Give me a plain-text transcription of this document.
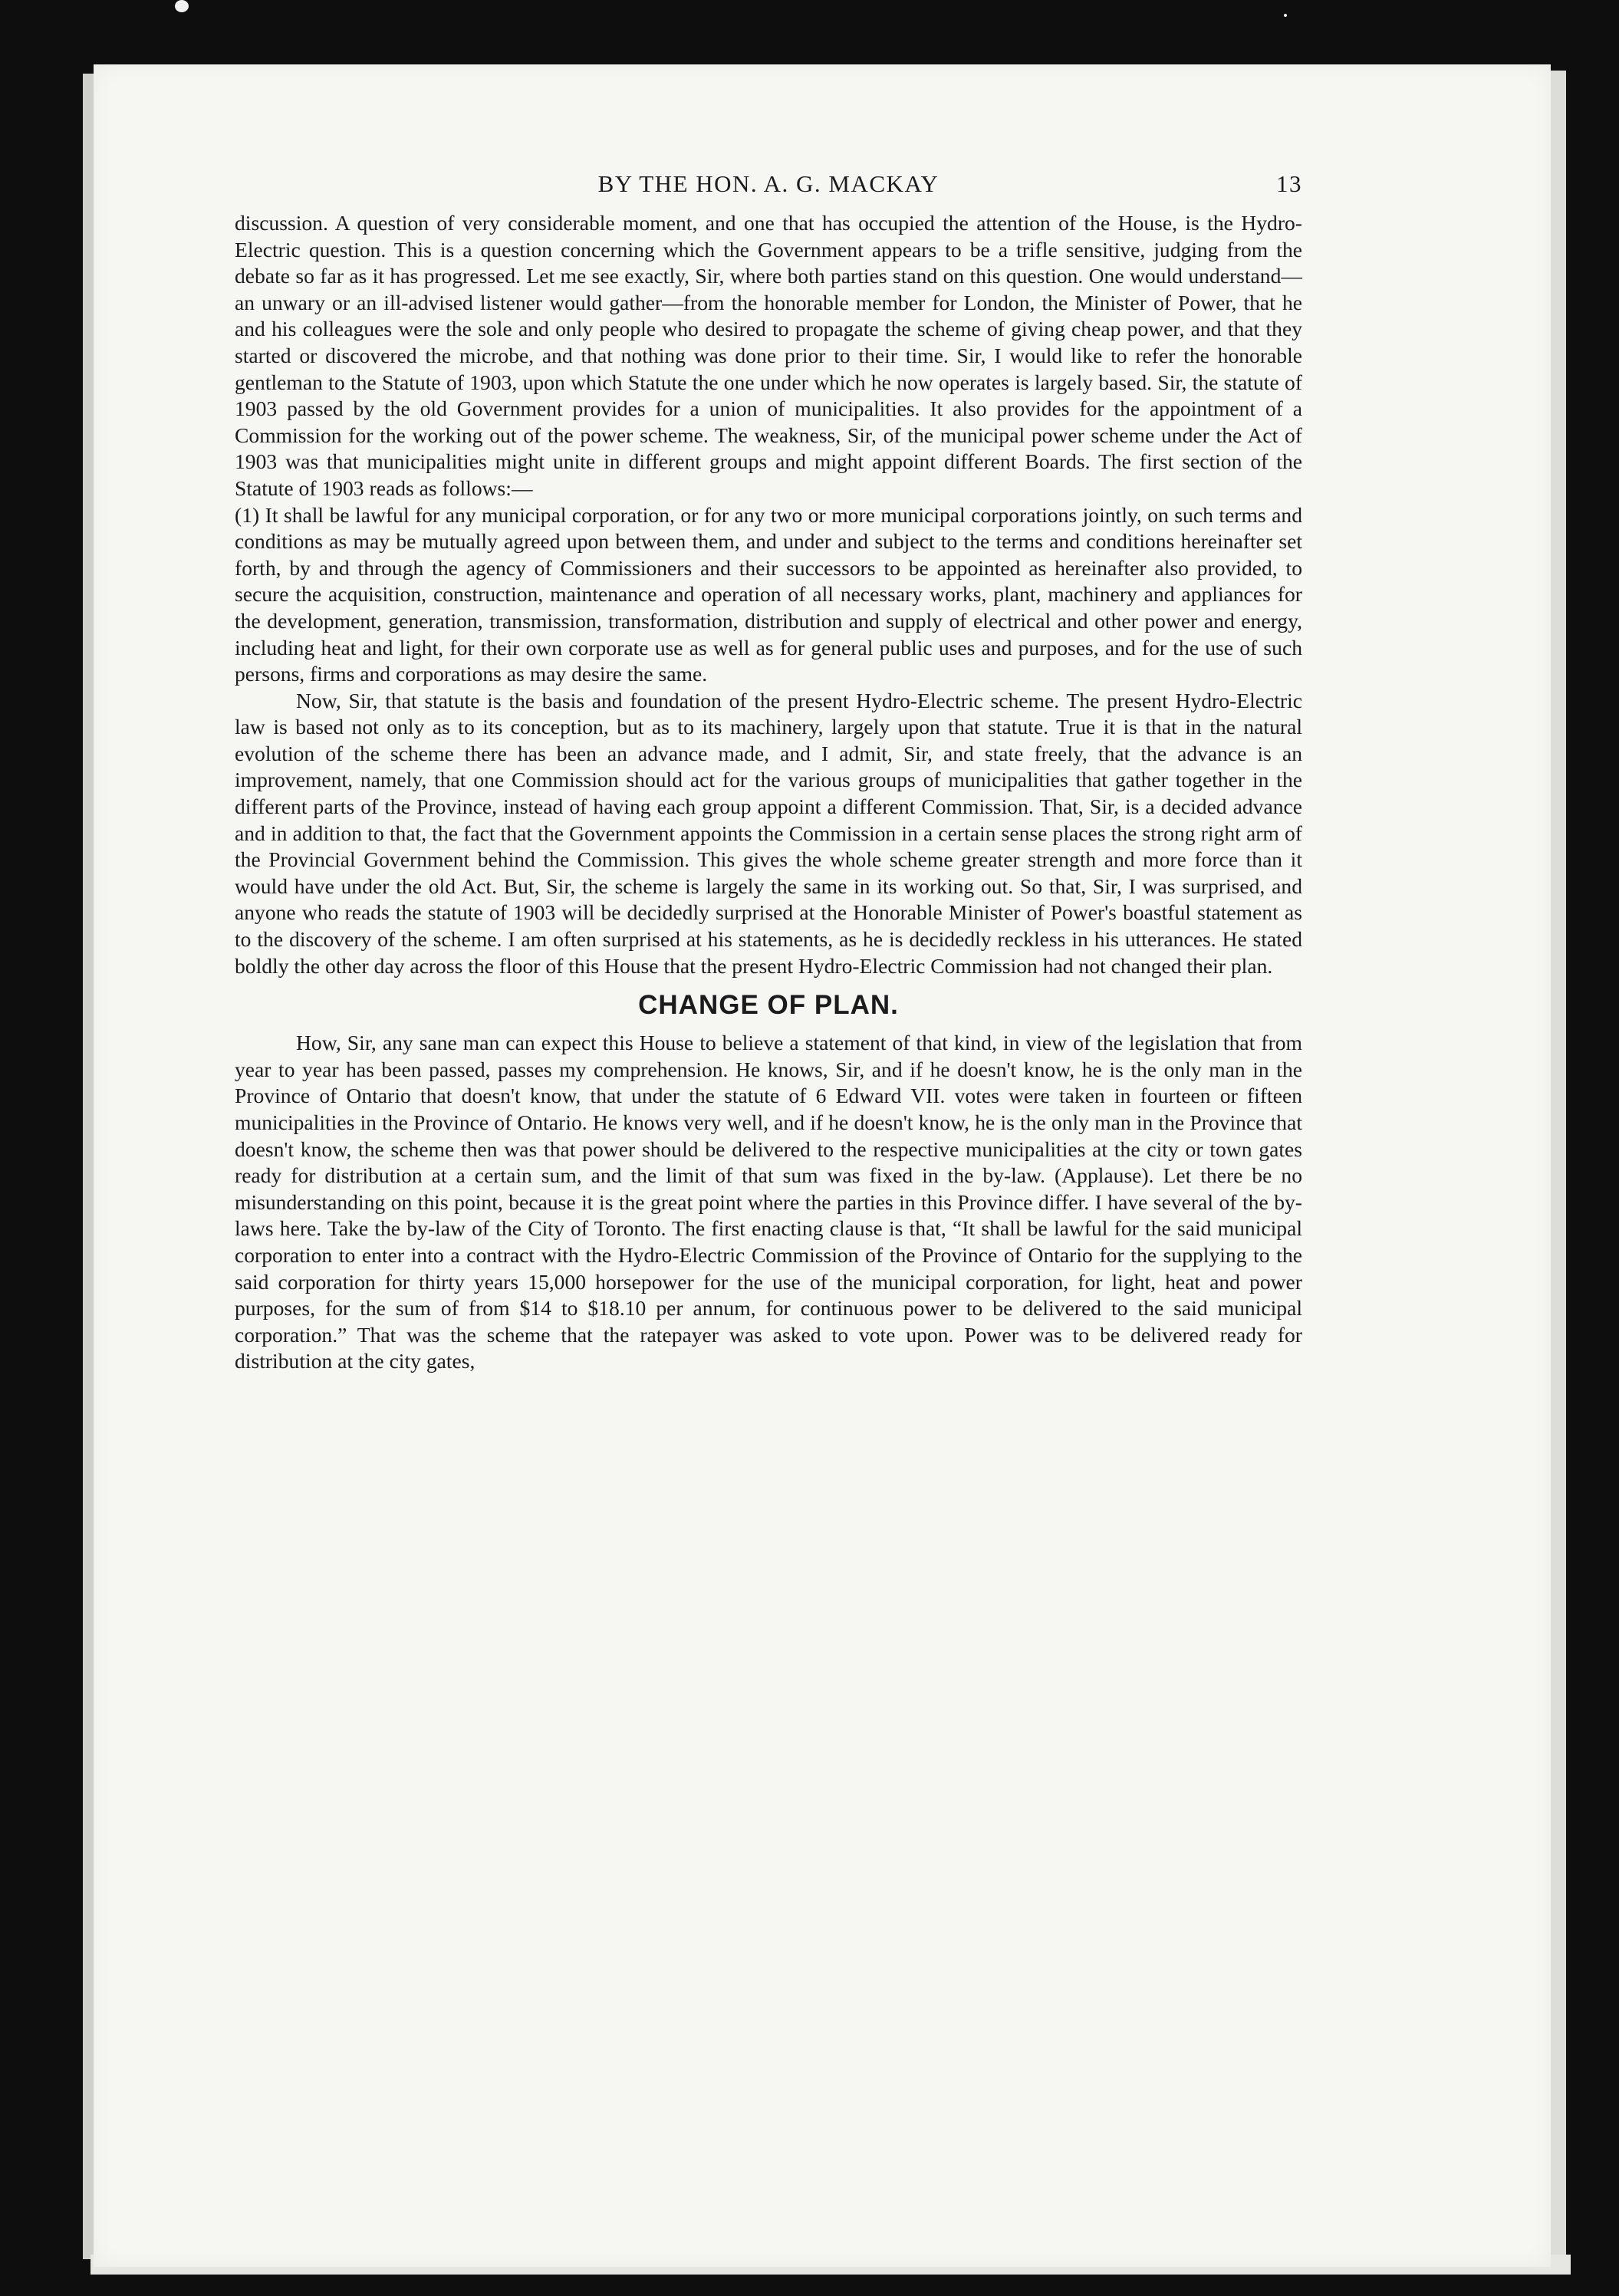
BY THE HON. A. G. MACKAY	13

discussion. A question of very considerable moment, and one that has occupied the attention of the House, is the Hydro-Electric question. This is a question concerning which the Government appears to be a trifle sensitive, judging from the debate so far as it has progressed. Let me see exactly, Sir, where both parties stand on this question. One would understand—an unwary or an ill-advised listener would gather—from the honorable member for London, the Minister of Power, that he and his colleagues were the sole and only people who desired to propagate the scheme of giving cheap power, and that they started or discovered the microbe, and that nothing was done prior to their time. Sir, I would like to refer the honorable gentleman to the Statute of 1903, upon which Statute the one under which he now operates is largely based. Sir, the statute of 1903 passed by the old Government provides for a union of municipalities. It also provides for the appointment of a Commission for the working out of the power scheme. The weakness, Sir, of the municipal power scheme under the Act of 1903 was that municipalities might unite in different groups and might appoint different Boards. The first section of the Statute of 1903 reads as follows:—

(1) It shall be lawful for any municipal corporation, or for any two or more municipal corporations jointly, on such terms and conditions as may be mutually agreed upon between them, and under and subject to the terms and conditions hereinafter set forth, by and through the agency of Commissioners and their successors to be appointed as hereinafter also provided, to secure the acquisition, construction, maintenance and operation of all necessary works, plant, machinery and appliances for the development, generation, transmission, transformation, distribution and supply of electrical and other power and energy, including heat and light, for their own corporate use as well as for general public uses and purposes, and for the use of such persons, firms and corporations as may desire the same.

Now, Sir, that statute is the basis and foundation of the present Hydro-Electric scheme. The present Hydro-Electric law is based not only as to its conception, but as to its machinery, largely upon that statute. True it is that in the natural evolution of the scheme there has been an advance made, and I admit, Sir, and state freely, that the advance is an improvement, namely, that one Commission should act for the various groups of municipalities that gather together in the different parts of the Province, instead of having each group appoint a different Commission. That, Sir, is a decided advance and in addition to that, the fact that the Government appoints the Commission in a certain sense places the strong right arm of the Provincial Government behind the Commission. This gives the whole scheme greater strength and more force than it would have under the old Act. But, Sir, the scheme is largely the same in its working out. So that, Sir, I was surprised, and anyone who reads the statute of 1903 will be decidedly surprised at the Honorable Minister of Power's boastful statement as to the discovery of the scheme. I am often surprised at his statements, as he is decidedly reckless in his utterances. He stated boldly the other day across the floor of this House that the present Hydro-Electric Commission had not changed their plan.

CHANGE OF PLAN.

How, Sir, any sane man can expect this House to believe a statement of that kind, in view of the legislation that from year to year has been passed, passes my comprehension. He knows, Sir, and if he doesn't know, he is the only man in the Province of Ontario that doesn't know, that under the statute of 6 Edward VII. votes were taken in fourteen or fifteen municipalities in the Province of Ontario. He knows very well, and if he doesn't know, he is the only man in the Province that doesn't know, the scheme then was that power should be delivered to the respective municipalities at the city or town gates ready for distribution at a certain sum, and the limit of that sum was fixed in the by-law. (Applause). Let there be no misunderstanding on this point, because it is the great point where the parties in this Province differ. I have several of the by-laws here. Take the by-law of the City of Toronto. The first enacting clause is that, “It shall be lawful for the said municipal corporation to enter into a contract with the Hydro-Electric Commission of the Province of Ontario for the supplying to the said corporation for thirty years 15,000 horsepower for the use of the municipal corporation, for light, heat and power purposes, for the sum of from $14 to $18.10 per annum, for continuous power to be delivered to the said municipal corporation.” That was the scheme that the ratepayer was asked to vote upon. Power was to be delivered ready for distribution at the city gates,
